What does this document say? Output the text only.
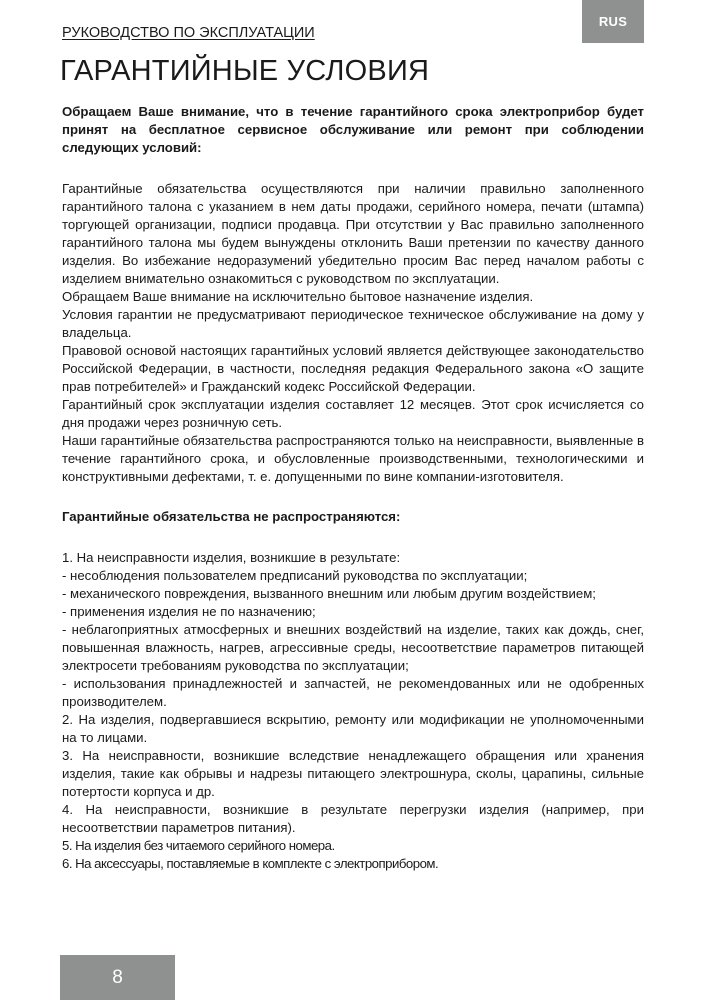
RUS
РУКОВОДСТВО ПО ЭКСПЛУАТАЦИИ
ГАРАНТИЙНЫЕ УСЛОВИЯ

Обращаем Ваше внимание, что в течение гарантийного срока электроприбор будет принят на бесплатное сервисное обслуживание или ремонт при соблюдении следующих условий:

Гарантийные обязательства осуществляются при наличии правильно заполненного гарантийного талона с указанием в нем даты продажи, серийного номера, печати (штампа) торгующей организации, подписи продавца. При отсутствии у Вас правильно заполненного гарантийного талона мы будем вынуждены отклонить Ваши претензии по качеству данного изделия. Во избежание недоразумений убедительно просим Вас перед началом работы с изделием внимательно ознакомиться с руководством по эксплуатации.

Обращаем Ваше внимание на исключительно бытовое назначение изделия.

Условия гарантии не предусматривают периодическое техническое обслуживание на дому у владельца.

Правовой основой настоящих гарантийных условий является действующее законодательство Российской Федерации, в частности, последняя редакция Федерального закона «О защите прав потребителей» и Гражданский кодекс Российской Федерации.

Гарантийный срок эксплуатации изделия составляет 12 месяцев. Этот срок исчисляется со дня продажи через розничную сеть.

Наши гарантийные обязательства распространяются только на неисправности, выявленные в течение гарантийного срока, и обусловленные производственными, технологическими и конструктивными дефектами, т. е. допущенными по вине компании-изготовителя.

Гарантийные обязательства не распространяются:

1. На неисправности изделия, возникшие в результате:

- несоблюдения пользователем предписаний руководства по эксплуатации;

- механического повреждения, вызванного внешним или любым другим воздействием;

- применения изделия не по назначению;

- неблагоприятных атмосферных и внешних воздействий на изделие, таких как дождь, снег, повышенная влажность, нагрев, агрессивные среды, несоответствие параметров питающей электросети требованиям руководства по эксплуатации;

- использования принадлежностей и запчастей, не рекомендованных или не одобренных производителем.

2. На изделия, подвергавшиеся вскрытию, ремонту или модификации не уполномоченными на то лицами.

3. На неисправности, возникшие вследствие ненадлежащего обращения или хранения изделия, такие как обрывы и надрезы питающего электрошнура, сколы, царапины, сильные потертости корпуса и др.

4. На неисправности, возникшие в результате перегрузки изделия (например, при несоответствии параметров питания).

5. На изделия без читаемого серийного номера.

6. На аксессуары, поставляемые в комплекте с электроприбором.

8
